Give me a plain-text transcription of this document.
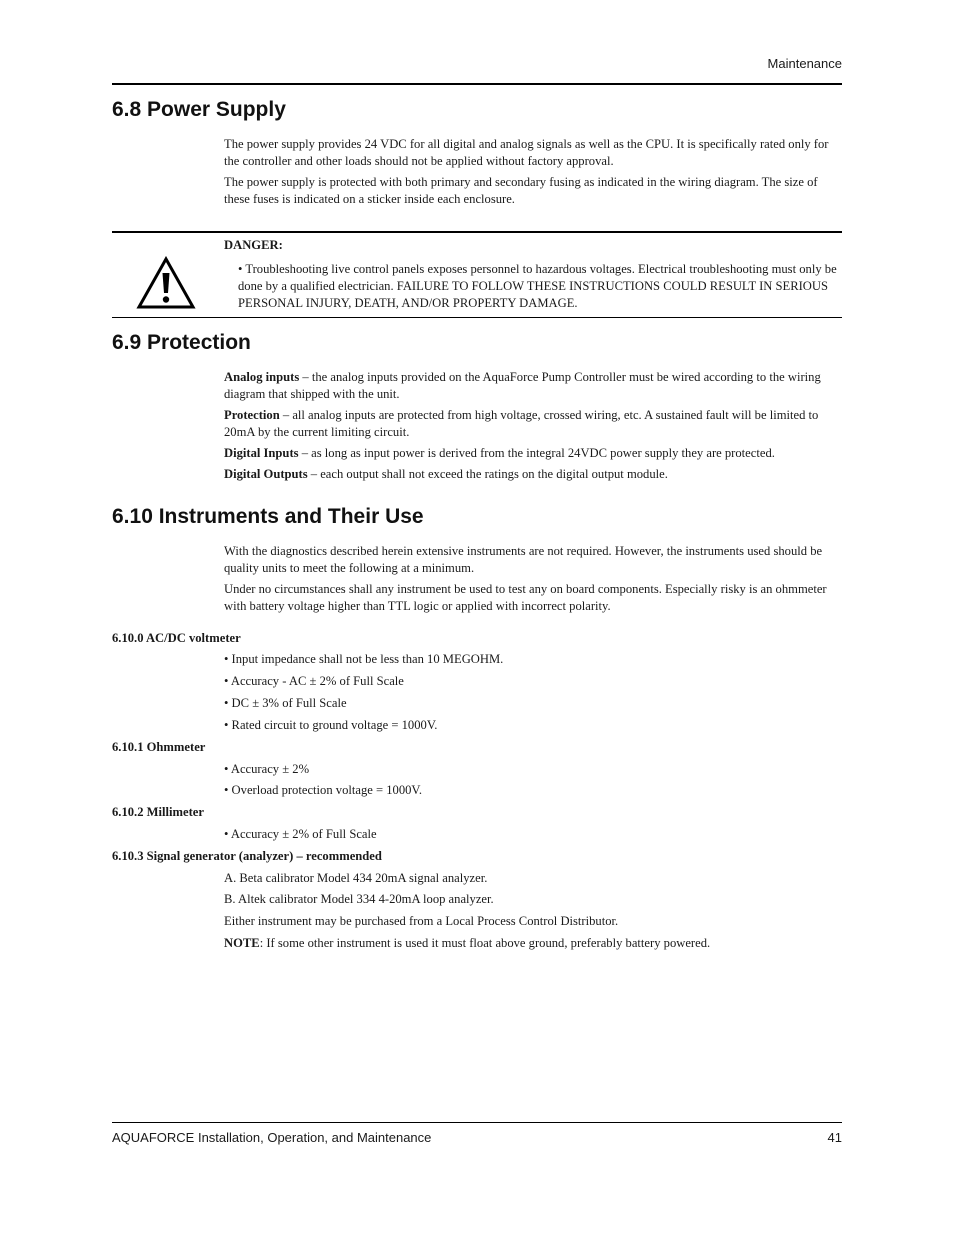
Maintenance
6.8 Power Supply

The power supply provides 24 VDC for all digital and analog signals as well as the CPU. It is specifically rated only for the controller and other loads should not be applied without factory approval.

The power supply is protected with both primary and secondary fusing as indicated in the wiring diagram. The size of these fuses is indicated on a sticker inside each enclosure.

DANGER:
• Troubleshooting live control panels exposes personnel to hazardous voltages. Electrical troubleshooting must only be done by a qualified electrician. FAILURE TO FOLLOW THESE INSTRUCTIONS COULD RESULT IN SERIOUS PERSONAL INJURY, DEATH, AND/OR PROPERTY DAMAGE.
6.9 Protection

Analog inputs – the analog inputs provided on the AquaForce Pump Controller must be wired according to the wiring diagram that shipped with the unit.

Protection – all analog inputs are protected from high voltage, crossed wiring, etc. A sustained fault will be limited to 20mA by the current limiting circuit.

Digital Inputs – as long as input power is derived from the integral 24VDC power supply they are protected.

Digital Outputs – each output shall not exceed the ratings on the digital output module.

6.10 Instruments and Their Use

With the diagnostics described herein extensive instruments are not required. However, the instruments used should be quality units to meet the following at a minimum.

Under no circumstances shall any instrument be used to test any on board components. Especially risky is an ohmmeter with battery voltage higher than TTL logic or applied with incorrect polarity.

6.10.0 AC/DC voltmeter

• Input impedance shall not be less than 10 MEGOHM.

• Accuracy - AC ± 2% of Full Scale

• DC ± 3% of Full Scale

• Rated circuit to ground voltage = 1000V.

6.10.1 Ohmmeter

• Accuracy ± 2%

• Overload protection voltage = 1000V.

6.10.2 Millimeter

• Accuracy ± 2% of Full Scale

6.10.3 Signal generator (analyzer) – recommended

A. Beta calibrator Model 434 20mA signal analyzer.

B. Altek calibrator Model 334 4-20mA loop analyzer.

Either instrument may be purchased from a Local Process Control Distributor.

NOTE: If some other instrument is used it must float above ground, preferably battery powered.

AQUAFORCE Installation, Operation, and Maintenance	41
